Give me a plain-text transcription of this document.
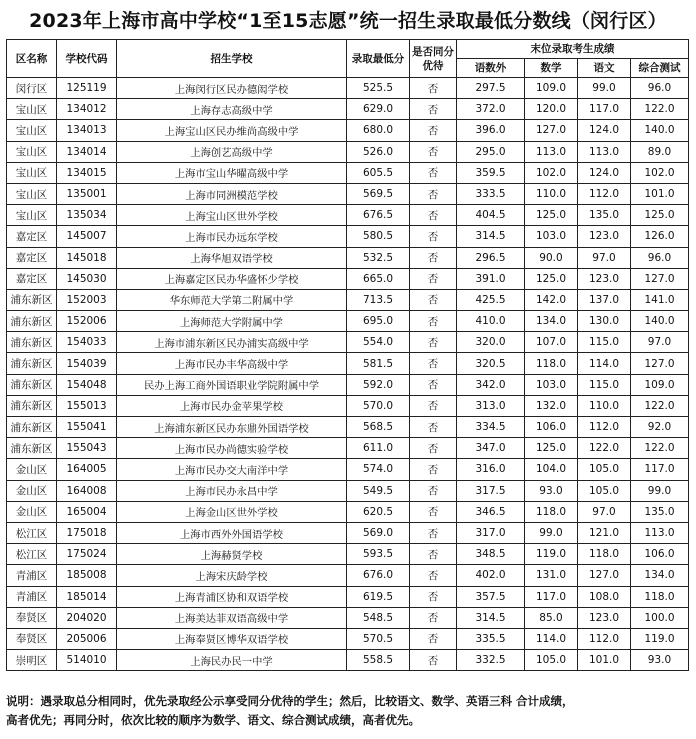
2023年上海市高中学校“1至15志愿”统一招生录取最低分数线（闵行区）
区名称	学校代码	招生学校	录取最低分	是否同分优待	末位录取考生成绩			
					语数外	数学	语文	综合测试
闵行区	125119	上海闵行区民办德闳学校	525.5	否	297.5	109.0	99.0	96.0
宝山区	134012	上海存志高级中学	629.0	否	372.0	120.0	117.0	122.0
宝山区	134013	上海宝山区民办维尚高级中学	680.0	否	396.0	127.0	124.0	140.0
宝山区	134014	上海创艺高级中学	526.0	否	295.0	113.0	113.0	89.0
宝山区	134015	上海市宝山华曜高级中学	605.5	否	359.5	102.0	124.0	102.0
宝山区	135001	上海市同洲模范学校	569.5	否	333.5	110.0	112.0	101.0
宝山区	135034	上海宝山区世外学校	676.5	否	404.5	125.0	135.0	125.0
嘉定区	145007	上海市民办远东学校	580.5	否	314.5	103.0	123.0	126.0
嘉定区	145018	上海华旭双语学校	532.5	否	296.5	90.0	97.0	96.0
嘉定区	145030	上海嘉定区民办华盛怀少学校	665.0	否	391.0	125.0	123.0	127.0
浦东新区	152003	华东师范大学第二附属中学	713.5	否	425.5	142.0	137.0	141.0
浦东新区	152006	上海师范大学附属中学	695.0	否	410.0	134.0	130.0	140.0
浦东新区	154033	上海市浦东新区民办浦实高级中学	554.0	否	320.0	107.0	115.0	97.0
浦东新区	154039	上海市民办丰华高级中学	581.5	否	320.5	118.0	114.0	127.0
浦东新区	154048	民办上海工商外国语职业学院附属中学	592.0	否	342.0	103.0	115.0	109.0
浦东新区	155013	上海市民办金苹果学校	570.0	否	313.0	132.0	110.0	122.0
浦东新区	155041	上海浦东新区民办东鼎外国语学校	568.5	否	334.5	106.0	112.0	92.0
浦东新区	155043	上海市民办尚德实验学校	611.0	否	347.0	125.0	122.0	122.0
金山区	164005	上海市民办交大南洋中学	574.0	否	316.0	104.0	105.0	117.0
金山区	164008	上海市民办永昌中学	549.5	否	317.5	93.0	105.0	99.0
金山区	165004	上海金山区世外学校	620.5	否	346.5	118.0	97.0	135.0
松江区	175018	上海市西外外国语学校	569.0	否	317.0	99.0	121.0	113.0
松江区	175024	上海赫贤学校	593.5	否	348.5	119.0	118.0	106.0
青浦区	185008	上海宋庆龄学校	676.0	否	402.0	131.0	127.0	134.0
青浦区	185014	上海青浦区协和双语学校	619.5	否	357.5	117.0	108.0	118.0
奉贤区	204020	上海美达菲双语高级中学	548.5	否	314.5	85.0	123.0	100.0
奉贤区	205006	上海奉贤区博华双语学校	570.5	否	335.5	114.0	112.0	119.0
崇明区	514010	上海民办民一中学	558.5	否	332.5	105.0	101.0	93.0
说明：遇录取总分相同时，优先录取经公示享受同分优待的学生；然后，比较语文、数学、英语三科 合计成绩，
高者优先；再同分时，依次比较的顺序为数学、语文、综合测试成绩，高者优先。
